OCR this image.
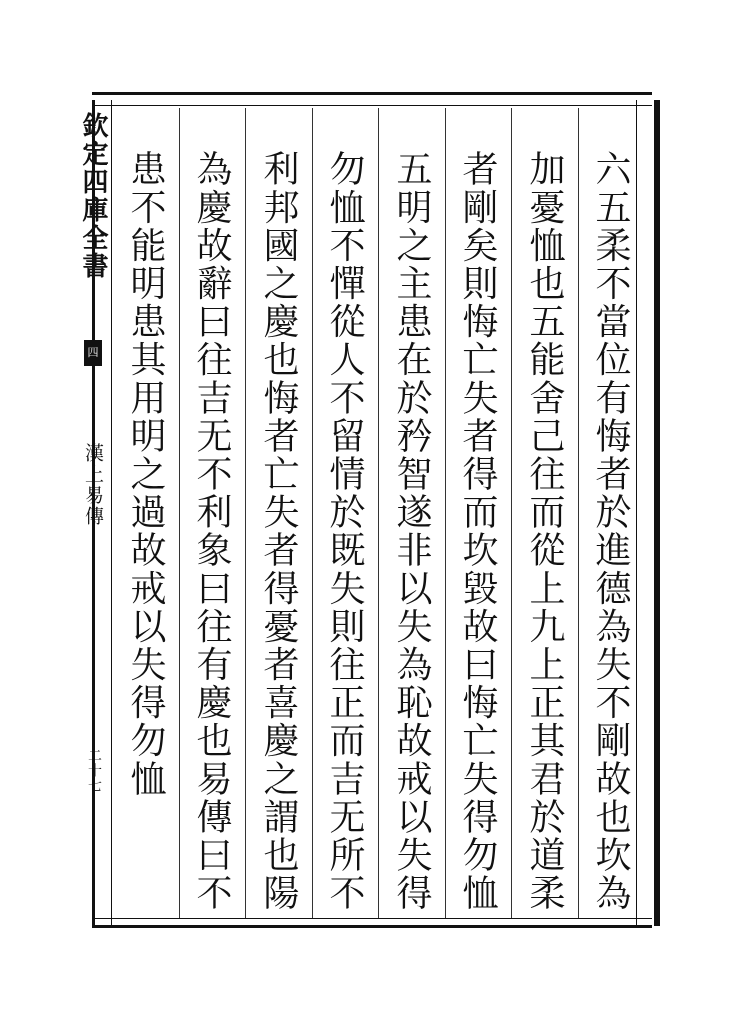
欽定四庫全書
四
漢上易傳
二十七	六五柔不當位有悔者於進德為失不剛故也坎為
加憂恤也五能舍己往而從上九上正其君於道柔
者剛矣則悔亡失者得而坎毀故曰悔亡失得勿恤
五明之主患在於矜智遂非以失為恥故戒以失得
勿恤不憚從人不留情於既失則往正而吉无所不
利邦國之慶也悔者亡失者得憂者喜慶之謂也陽
為慶故辭曰往吉无不利象曰往有慶也易傳曰不
患不能明患其用明之過故戒以失得勿恤
